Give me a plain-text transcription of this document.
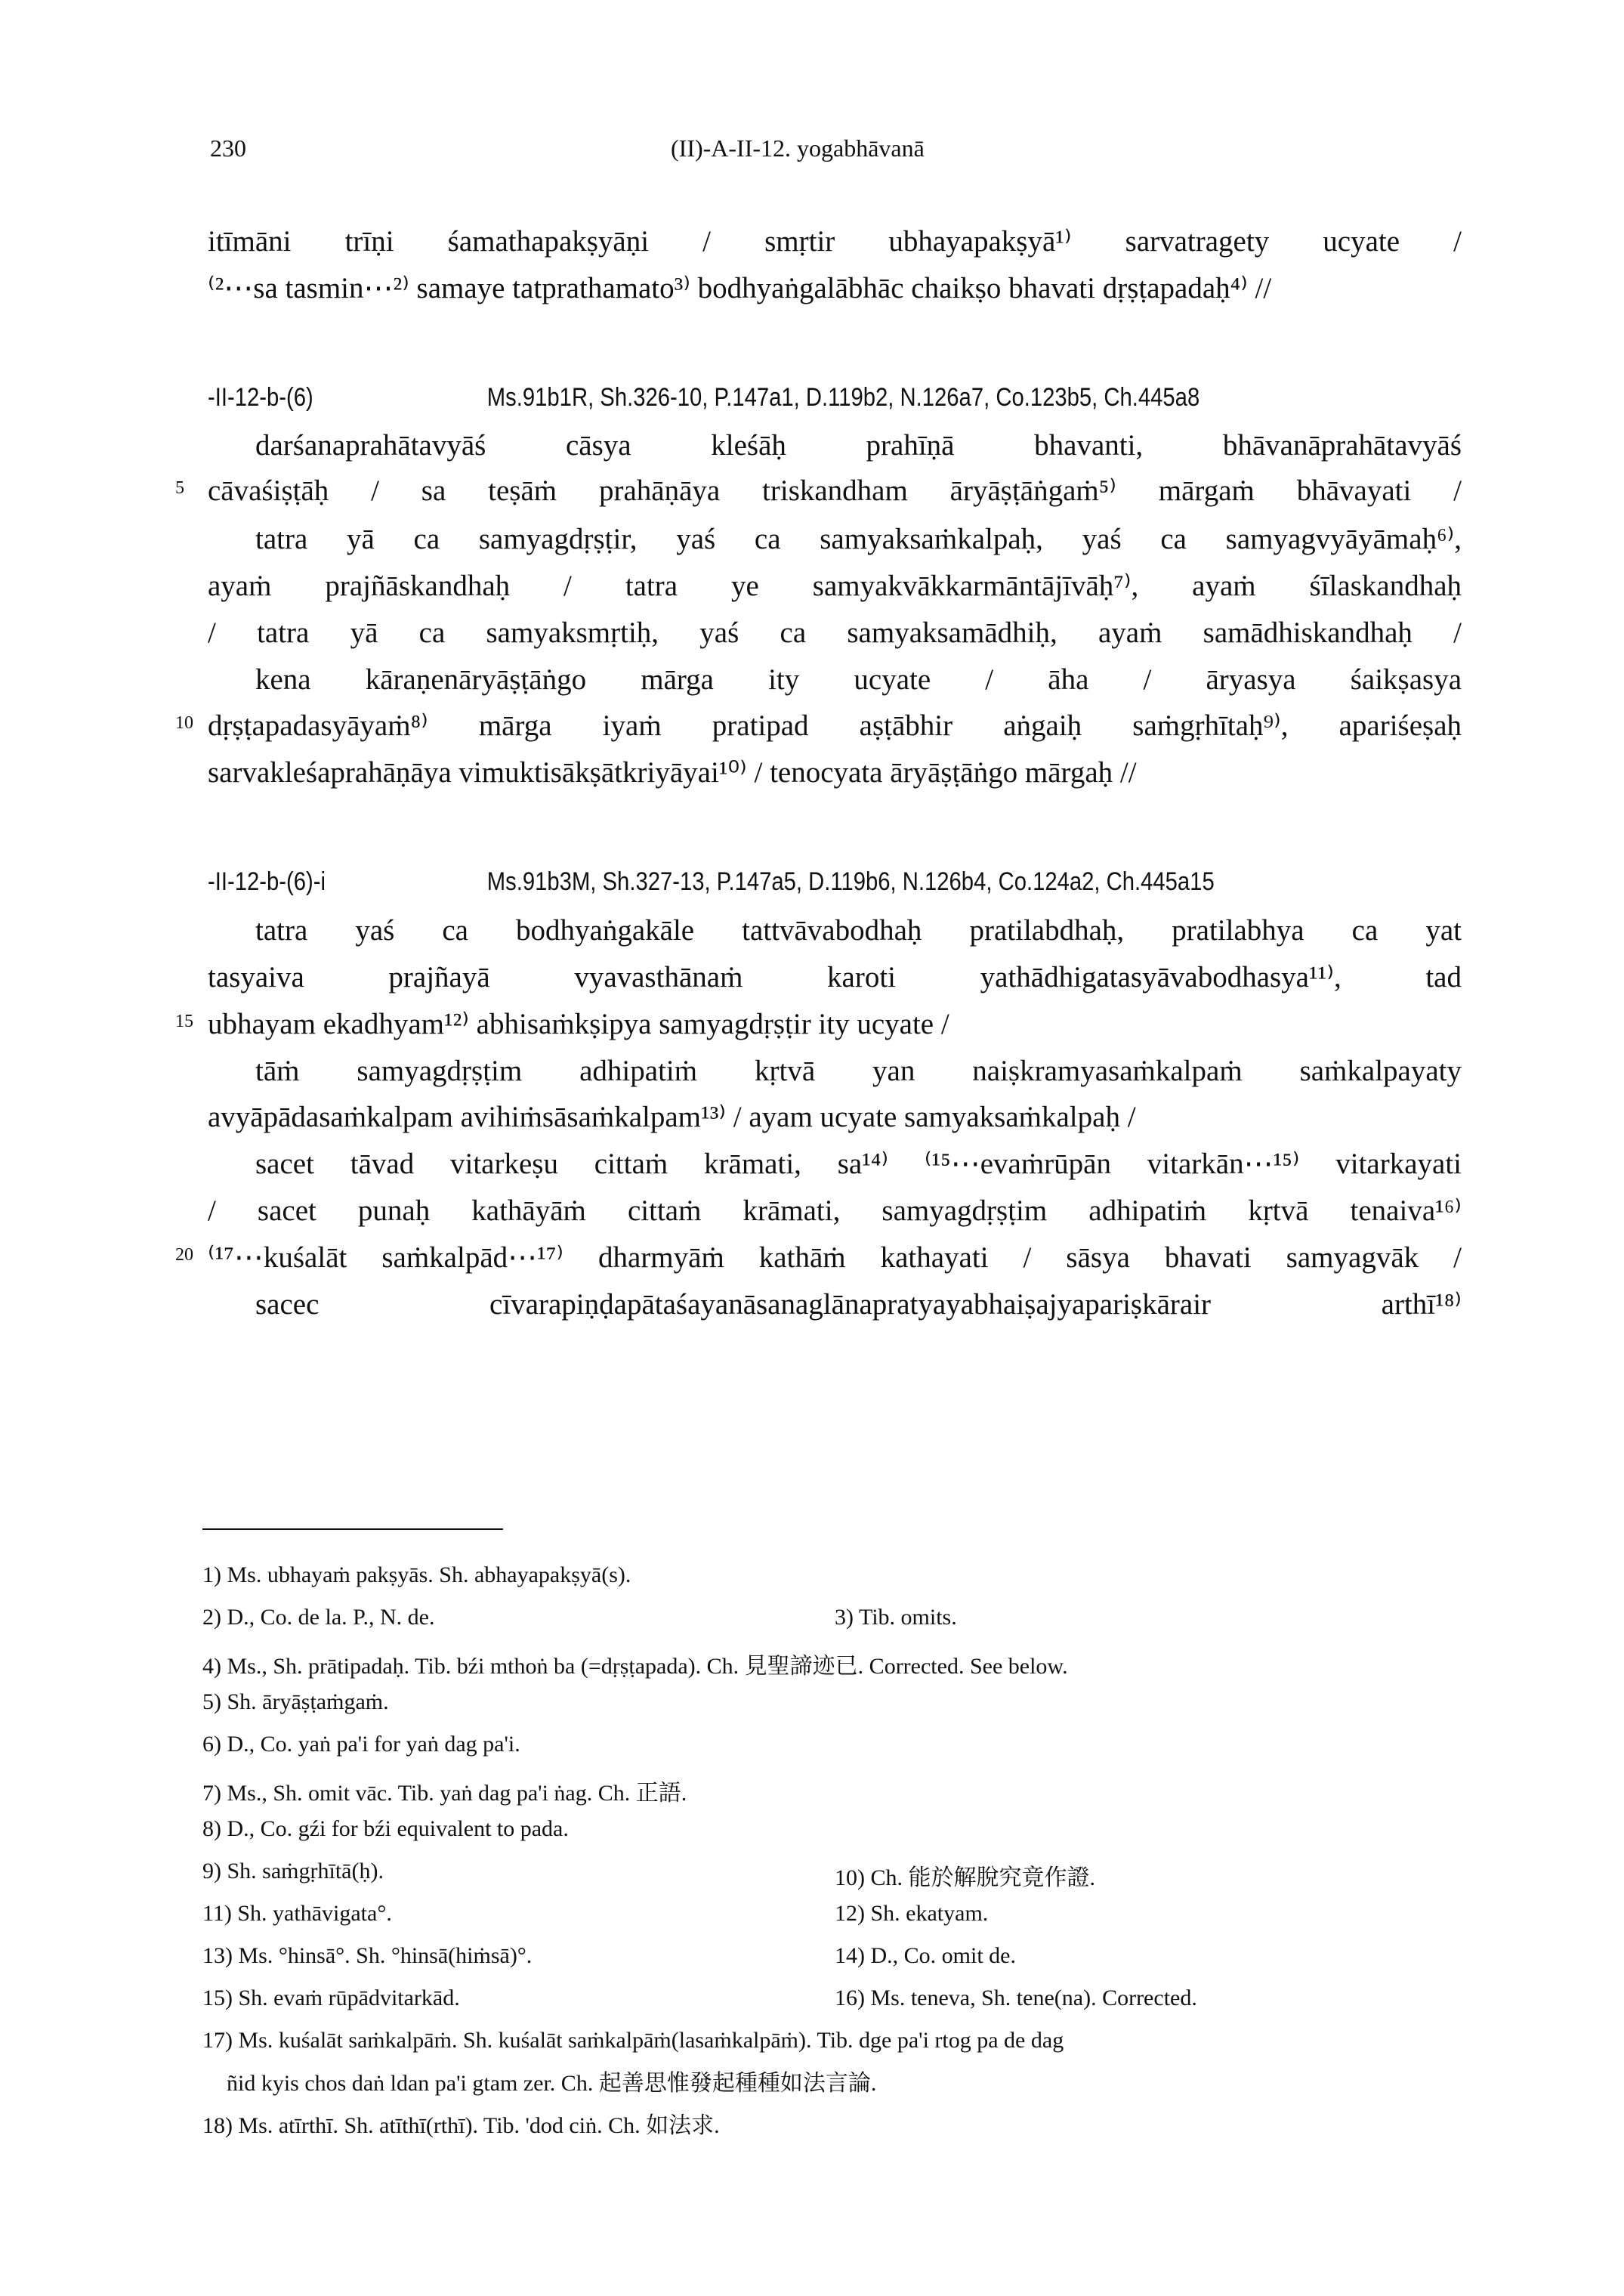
230	(II)-A-II-12. yogabhāvanā
itīmāni trīṇi śamathapakṣyāṇi / smṛtir ubhayapakṣyā¹⁾ sarvatragety ucyate /
⁽²⋯sa tasmin⋯²⁾ samaye tatprathamato³⁾ bodhyaṅgalābhāc chaikṣo bhavati dṛṣṭapadaḥ⁴⁾ //
-II-12-b-(6)	Ms.91b1R, Sh.326-10, P.147a1, D.119b2, N.126a7, Co.123b5, Ch.445a8
darśanaprahātavyāś cāsya kleśāḥ prahīṇā bhavanti, bhāvanāprahātavyāś
5 cāvaśiṣṭāḥ / sa teṣāṁ prahāṇāya triskandham āryāṣṭāṅgaṁ⁵⁾ mārgaṁ bhāvayati /
tatra yā ca samyagdṛṣṭir, yaś ca samyaksaṁkalpaḥ, yaś ca samyagvyāyāmaḥ⁶⁾,
ayaṁ prajñāskandhaḥ / tatra ye samyakvākkarmāntājīvāḥ⁷⁾, ayaṁ śīlaskandhaḥ
/ tatra yā ca samyaksmṛtiḥ, yaś ca samyaksamādhiḥ, ayaṁ samādhiskandhaḥ /
kena kāraṇenāryāṣṭāṅgo mārga ity ucyate / āha / āryasya śaikṣasya
10 dṛṣṭapadasyāyaṁ⁸⁾ mārga iyaṁ pratipad aṣṭābhir aṅgaiḥ saṁgṛhītaḥ⁹⁾, apariśeṣaḥ
sarvakleśaprahāṇāya vimuktisākṣātkriyāyai¹⁰⁾ / tenocyata āryāṣṭāṅgo mārgaḥ //
-II-12-b-(6)-i	Ms.91b3M, Sh.327-13, P.147a5, D.119b6, N.126b4, Co.124a2, Ch.445a15
tatra yaś ca bodhyaṅgakāle tattvāvabodhaḥ pratilabdhaḥ, pratilabhya ca yat
tasyaiva prajñayā vyavasthānaṁ karoti yathādhigatasyāvabodhasya¹¹⁾, tad
15 ubhayam ekadhyam¹²⁾ abhisaṁkṣipya samyagdṛṣṭir ity ucyate /
tāṁ samyagdṛṣṭim adhipatiṁ kṛtvā yan naiṣkramyasaṁkalpaṁ saṁkalpayaty
avyāpādasaṁkalpam avihiṁsāsaṁkalpam¹³⁾ / ayam ucyate samyaksaṁkalpaḥ /
sacet tāvad vitarkeṣu cittaṁ krāmati, sa¹⁴⁾ ⁽¹⁵⋯evaṁrūpān vitarkān⋯¹⁵⁾ vitarkayati
/ sacet punaḥ kathāyāṁ cittaṁ krāmati, samyagdṛṣṭim adhipatiṁ kṛtvā tenaiva¹⁶⁾
20 ⁽¹⁷⋯kuśalāt saṁkalpād⋯¹⁷⁾ dharmyāṁ kathāṁ kathayati / sāsya bhavati samyagvāk /
sacec cīvarapiṇḍapātaśayanāsanaglānapratyayabhaiṣajyapariṣkārair arthī¹⁸⁾
1) Ms. ubhayaṁ pakṣyās. Sh. abhayapakṣyā(s).
2) D., Co. de la. P., N. de.	3) Tib. omits.
4) Ms., Sh. prātipadaḥ. Tib. bźi mthoṅ ba (=dṛṣṭapada). Ch. 見聖諦迹已. Corrected. See below.
5) Sh. āryāṣṭaṁgaṁ.
6) D., Co. yaṅ pa'i for yaṅ dag pa'i.
7) Ms., Sh. omit vāc. Tib. yaṅ dag pa'i ṅag. Ch. 正語.
8) D., Co. gźi for bźi equivalent to pada.
9) Sh. saṁgṛhītā(ḥ).	10) Ch. 能於解脫究竟作證.
11) Sh. yathāvigata°.	12) Sh. ekatyam.
13) Ms. °hinsā°. Sh. °hinsā(hiṁsā)°.	14) D., Co. omit de.
15) Sh. evaṁ rūpādvitarkād.	16) Ms. teneva, Sh. tene(na). Corrected.
17) Ms. kuśalāt saṁkalpāṁ. Sh. kuśalāt saṁkalpāṁ(lasaṁkalpāṁ). Tib. dge pa'i rtog pa de dag
ñid kyis chos daṅ ldan pa'i gtam zer. Ch. 起善思惟發起種種如法言論.
18) Ms. atīrthī. Sh. atīthī(rthī). Tib. 'dod ciṅ. Ch. 如法求.
